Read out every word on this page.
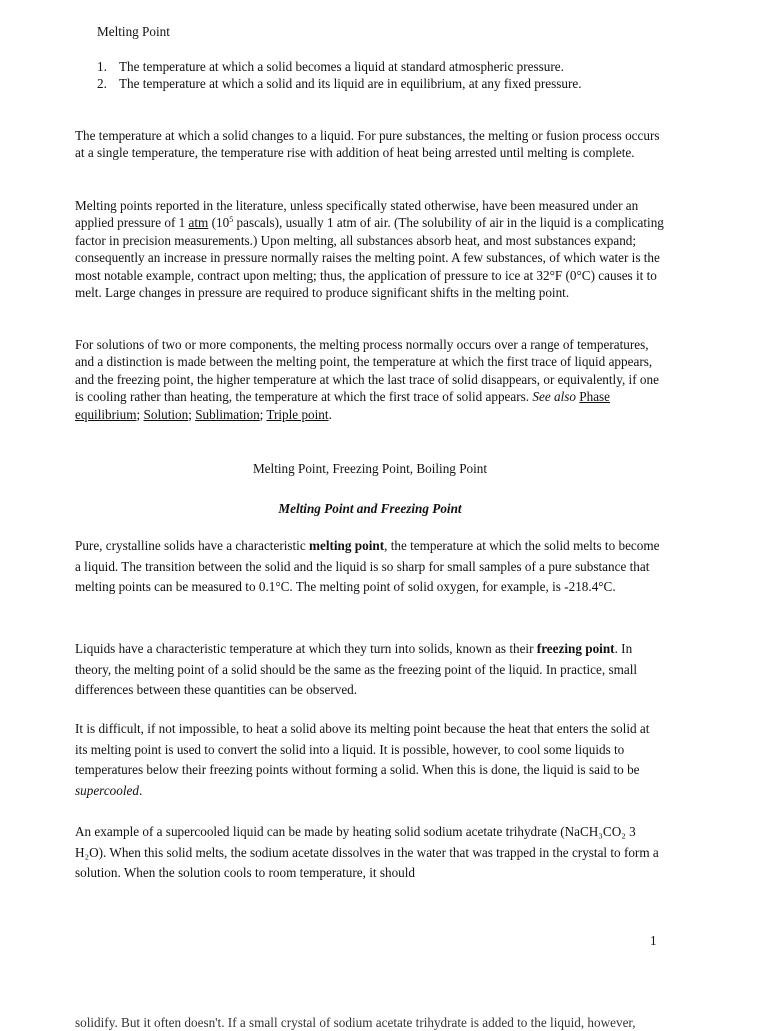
Melting Point
1. The temperature at which a solid becomes a liquid at standard atmospheric pressure.
2. The temperature at which a solid and its liquid are in equilibrium, at any fixed pressure.

The temperature at which a solid changes to a liquid. For pure substances, the melting or fusion process occurs at a single temperature, the temperature rise with addition of heat being arrested until melting is complete.

Melting points reported in the literature, unless specifically stated otherwise, have been measured under an applied pressure of 1 atm ($10^5$ pascals), usually 1 atm of air. (The solubility of air in the liquid is a complicating factor in precision measurements.) Upon melting, all substances absorb heat, and most substances expand; consequently an increase in pressure normally raises the melting point. A few substances, of which water is the most notable example, contract upon melting; thus, the application of pressure to ice at 32°F (0°C) causes it to melt. Large changes in pressure are required to produce significant shifts in the melting point.

For solutions of two or more components, the melting process normally occurs over a range of temperatures, and a distinction is made between the melting point, the temperature at which the first trace of liquid appears, and the freezing point, the higher temperature at which the last trace of solid disappears, or equivalently, if one is cooling rather than heating, the temperature at which the first trace of solid appears. See also Phase equilibrium; Solution; Sublimation; Triple point.

Melting Point, Freezing Point, Boiling Point
Melting Point and Freezing Point

Pure, crystalline solids have a characteristic melting point, the temperature at which the solid melts to become a liquid. The transition between the solid and the liquid is so sharp for small samples of a pure substance that melting points can be measured to 0.1°C. The melting point of solid oxygen, for example, is -218.4°C.

Liquids have a characteristic temperature at which they turn into solids, known as their freezing point. In theory, the melting point of a solid should be the same as the freezing point of the liquid. In practice, small differences between these quantities can be observed.

It is difficult, if not impossible, to heat a solid above its melting point because the heat that enters the solid at its melting point is used to convert the solid into a liquid. It is possible, however, to cool some liquids to temperatures below their freezing points without forming a solid. When this is done, the liquid is said to be supercooled.

An example of a supercooled liquid can be made by heating solid sodium acetate trihydrate (NaCH₃CO₂ 3 H₂O). When this solid melts, the sodium acetate dissolves in the water that was trapped in the crystal to form a solution. When the solution cools to room temperature, it should

1
solidify. But it often doesn't. If a small crystal of sodium acetate trihydrate is added to the liquid, however,
